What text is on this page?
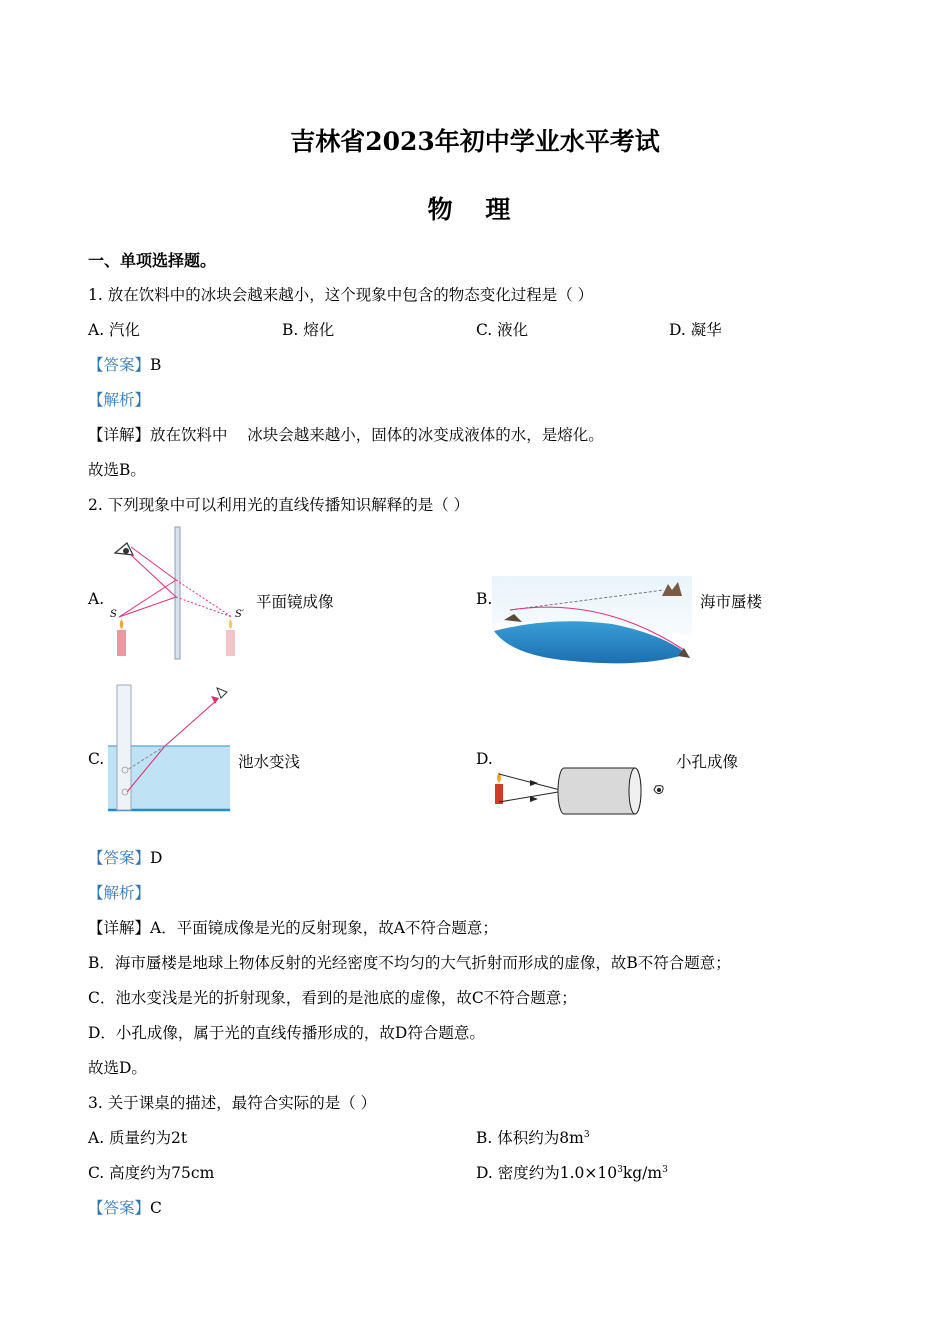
吉林省2023年初中学业水平考试
物 理
一、单项选择题。
1. 放在饮料中的冰块会越来越小，这个现象中包含的物态变化过程是（ ）
A. 汽化	B. 熔化	C. 液化	D. 凝华
【答案】B
【解析】
【详解】放在饮料中    冰块会越来越小，固体的冰变成液体的水，是熔化。
故选B。
2. 下列现象中可以利用光的直线传播知识解释的是（ ）
A.
S	S′
平面镜成像	B.	海市蜃楼
C.	池水变浅	D.	小孔成像
【答案】D
【解析】
【详解】A．平面镜成像是光的反射现象，故A不符合题意；
B．海市蜃楼是地球上物体反射的光经密度不均匀的大气折射而形成的虚像，故B不符合题意；
C．池水变浅是光的折射现象，看到的是池底的虚像，故C不符合题意；
D．小孔成像，属于光的直线传播形成的，故D符合题意。
故选D。
3. 关于课桌的描述，最符合实际的是（ ）
A. 质量约为2t	B. 体积约为$8m^3$
C. 高度约为75cm	D. 密度约为$1.0\times 10^3kg/m^3$
【答案】C
